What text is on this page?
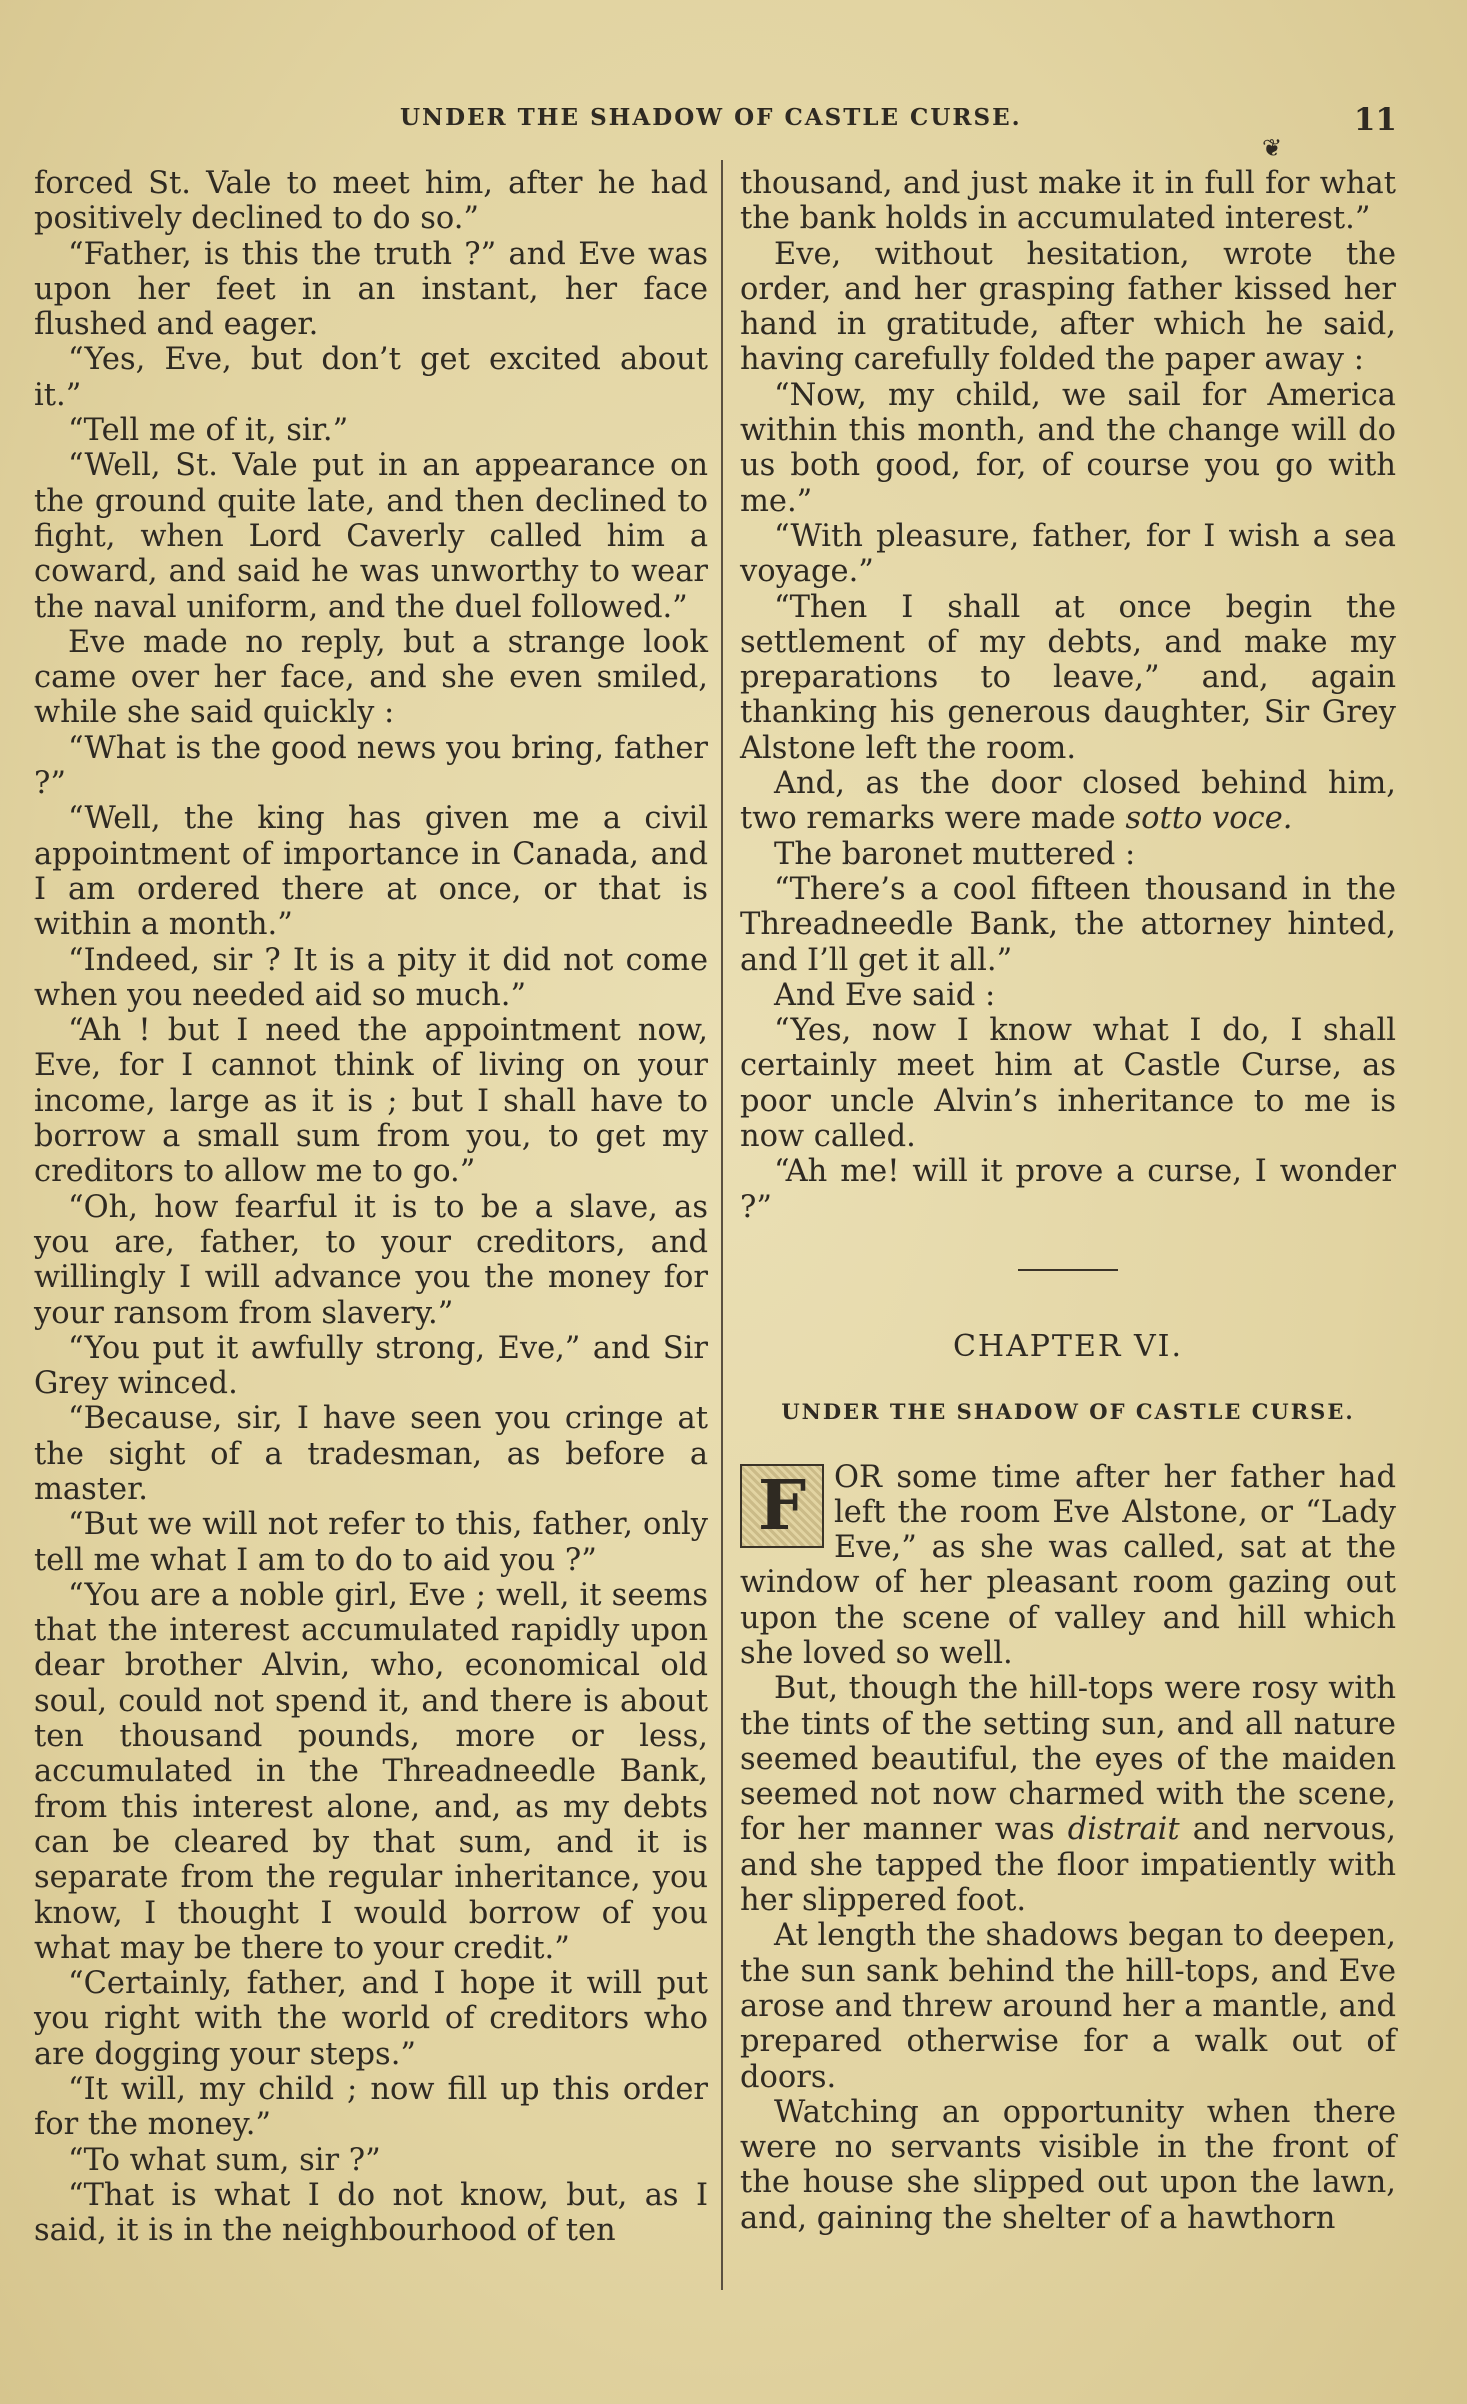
UNDER THE SHADOW OF CASTLE CURSE.	11
❦

forced St. Vale to meet him, after he had positively declined to do so.”

“Father, is this the truth ?” and Eve was upon her feet in an instant, her face flushed and eager.

“Yes, Eve, but don’t get excited about it.”

“Tell me of it, sir.”

“Well, St. Vale put in an appearance on the ground quite late, and then declined to fight, when Lord Caverly called him a coward, and said he was unworthy to wear the naval uniform, and the duel followed.”

Eve made no reply, but a strange look came over her face, and she even smiled, while she said quickly :

“What is the good news you bring, father ?”

“Well, the king has given me a civil appointment of importance in Canada, and I am ordered there at once, or that is within a month.”

“Indeed, sir ? It is a pity it did not come when you needed aid so much.”

“Ah ! but I need the appointment now, Eve, for I cannot think of living on your income, large as it is ; but I shall have to borrow a small sum from you, to get my creditors to allow me to go.”

“Oh, how fearful it is to be a slave, as you are, father, to your creditors, and willingly I will advance you the money for your ransom from slavery.”

“You put it awfully strong, Eve,” and Sir Grey winced.

“Because, sir, I have seen you cringe at the sight of a tradesman, as before a master.

“But we will not refer to this, father, only tell me what I am to do to aid you ?”

“You are a noble girl, Eve ; well, it seems that the interest accumulated rapidly upon dear brother Alvin, who, economical old soul, could not spend it, and there is about ten thousand pounds, more or less, accumulated in the Threadneedle Bank, from this interest alone, and, as my debts can be cleared by that sum, and it is separate from the regular inheritance, you know, I thought I would borrow of you what may be there to your credit.”

“Certainly, father, and I hope it will put you right with the world of creditors who are dogging your steps.”

“It will, my child ; now fill up this order for the money.”

“To what sum, sir ?”

“That is what I do not know, but, as I said, it is in the neighbourhood of ten

thousand, and just make it in full for what the bank holds in accumulated interest.”

Eve, without hesitation, wrote the order, and her grasping father kissed her hand in gratitude, after which he said, having carefully folded the paper away :

“Now, my child, we sail for America within this month, and the change will do us both good, for, of course you go with me.”

“With pleasure, father, for I wish a sea voyage.”

“Then I shall at once begin the settlement of my debts, and make my preparations to leave,” and, again thanking his generous daughter, Sir Grey Alstone left the room.

And, as the door closed behind him, two remarks were made sotto voce.

The baronet muttered :

“There’s a cool fifteen thousand in the Threadneedle Bank, the attorney hinted, and I’ll get it all.”

And Eve said :

“Yes, now I know what I do, I shall certainly meet him at Castle Curse, as poor uncle Alvin’s inheritance to me is now called.

“Ah me! will it prove a curse, I wonder ?”

CHAPTER VI.
UNDER THE SHADOW OF CASTLE CURSE.

F OR some time after her father had left the room Eve Alstone, or “Lady Eve,” as she was called, sat at the window of her pleasant room gazing out upon the scene of valley and hill which she loved so well.

But, though the hill-tops were rosy with the tints of the setting sun, and all nature seemed beautiful, the eyes of the maiden seemed not now charmed with the scene, for her manner was distrait and nervous, and she tapped the floor impatiently with her slippered foot.

At length the shadows began to deepen, the sun sank behind the hill-tops, and Eve arose and threw around her a mantle, and prepared otherwise for a walk out of doors.

Watching an opportunity when there were no servants visible in the front of the house she slipped out upon the lawn, and, gaining the shelter of a hawthorn
